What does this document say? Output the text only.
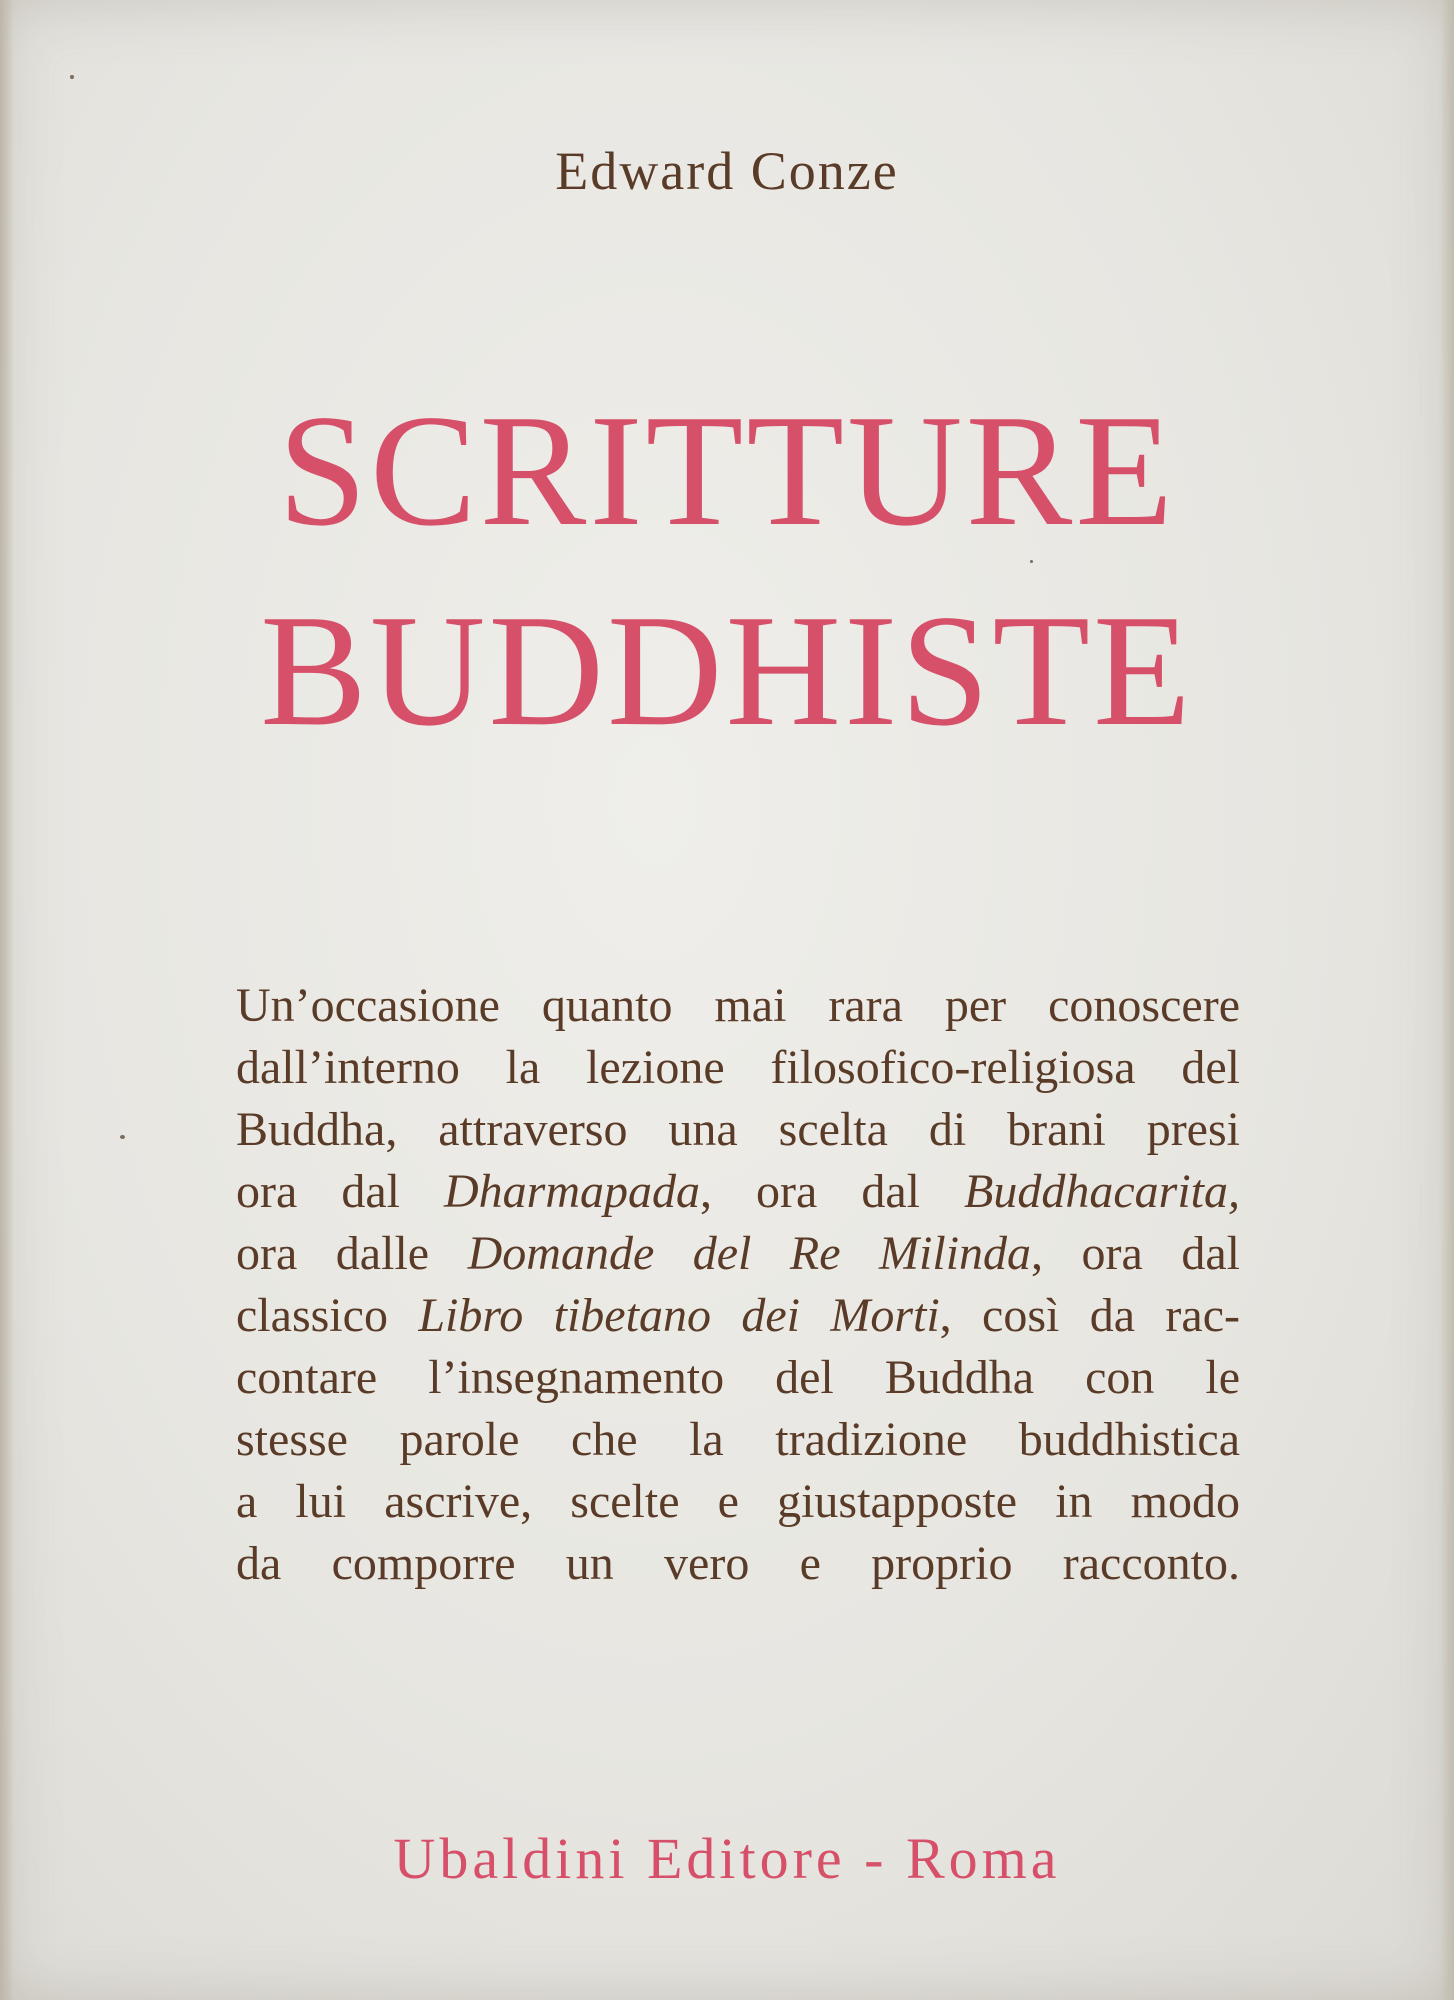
Edward Conze

SCRITTURE
BUDDHISTE
Un’occasione quanto mai rara per conoscere
dall’interno la lezione filosofico-religiosa del
Buddha, attraverso una scelta di brani presi
ora dal Dharmapada, ora dal Buddhacarita,
ora dalle Domande del Re Milinda, ora dal
classico Libro tibetano dei Morti, così da rac-
contare l’insegnamento del Buddha con le
stesse parole che la tradizione buddhistica
a lui ascrive, scelte e giustapposte in modo
da comporre un vero e proprio racconto.

Ubaldini Editore - Roma
